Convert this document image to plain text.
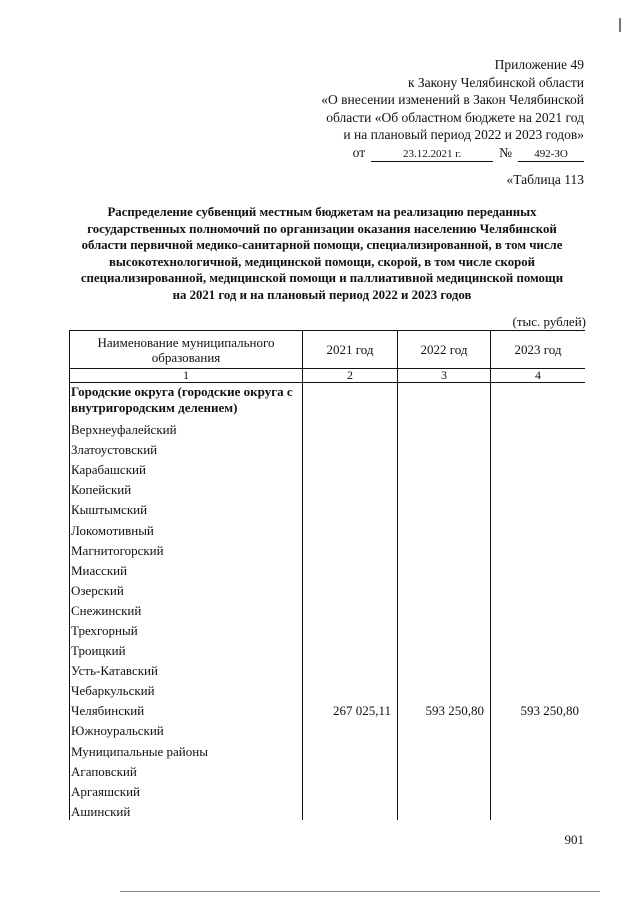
Приложение 49
к Закону Челябинской области
«О внесении изменений в Закон Челябинской
области «Об областном бюджете на 2021 год
и на плановый период 2022 и 2023 годов»
от	23.12.2021 г.	№	492-ЗО
«Таблица 113
Распределение субвенций местным бюджетам на реализацию переданных государственных полномочий по организации оказания населению Челябинской области первичной медико-санитарной помощи, специализированной, в том числе высокотехнологичной, медицинской помощи, скорой, в том числе скорой специализированной, медицинской помощи и паллиативной медицинской помощи на 2021 год и на плановый период 2022 и 2023 годов
(тыс. рублей)
Наименование муниципального образования	2021 год	2022 год	2023 год
1	2	3	4
Городские округа (городские округа с внутригородским делением)			
Верхнеуфалейский			
Златоустовский			
Карабашский			
Копейский			
Кыштымский			
Локомотивный			
Магнитогорский			
Миасский			
Озерский			
Снежинский			
Трехгорный			
Троицкий			
Усть-Катавский			
Чебаркульский			
Челябинский	267 025,11	593 250,80	593 250,80
Южноуральский			
Муниципальные районы			
Агаповский			
Аргаяшский			
Ашинский			
901
